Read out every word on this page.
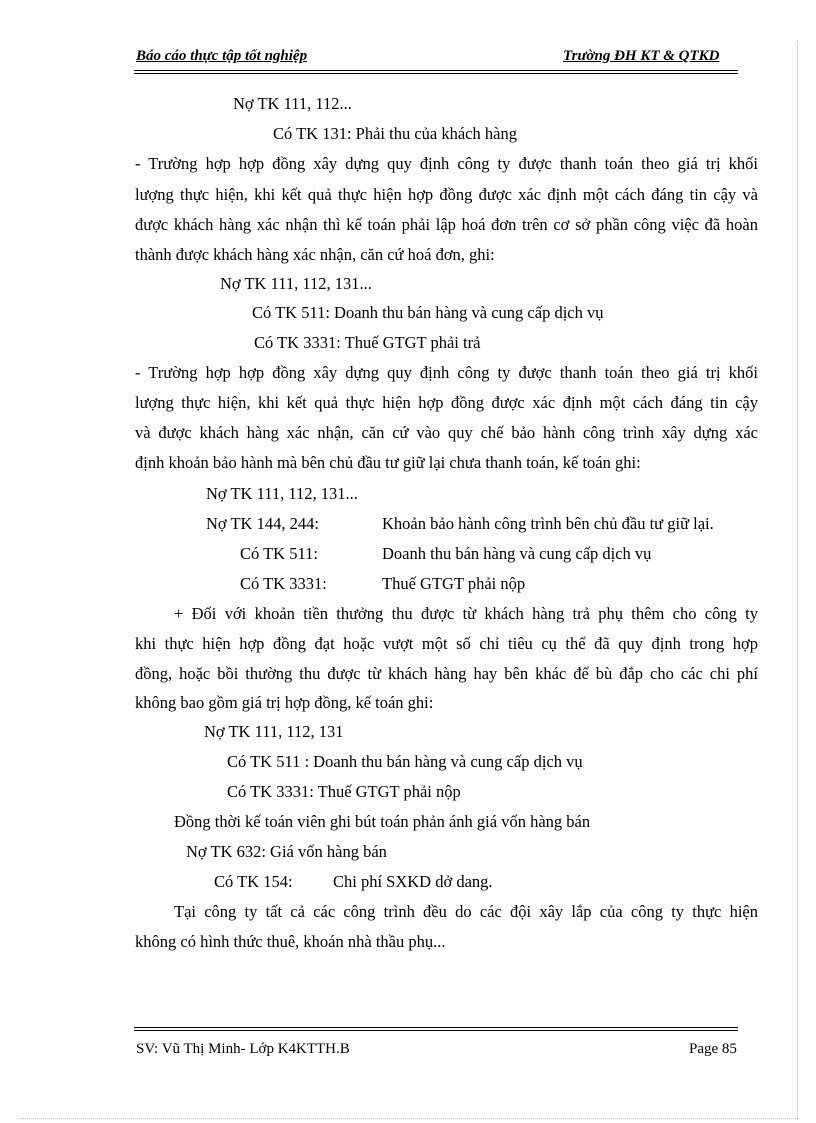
Báo cáo thực tập tốt nghiệp	Trường ĐH KT & QTKD
Nợ TK 111, 112...
Có TK 131: Phải thu của khách hàng
- Trường hợp hợp đồng xây dựng quy định công ty được thanh toán theo giá trị khối
lượng thực hiện, khi kết quả thực hiện hợp đồng được xác định một cách đáng tin cậy và
được khách hàng xác nhận thì kế toán phải lập hoá đơn trên cơ sở phần công việc đã hoàn
thành được khách hàng xác nhận, căn cứ hoá đơn, ghi:
Nợ TK 111, 112, 131...
Có TK 511: Doanh thu bán hàng và cung cấp dịch vụ
Có TK 3331: Thuế GTGT phải trả
- Trường hợp hợp đồng xây dựng quy định công ty được thanh toán theo giá trị khối
lượng thực hiện, khi kết quả thực hiện hợp đồng được xác định một cách đáng tin cậy
và được khách hàng xác nhận, căn cứ vào quy chế bảo hành công trình xây dựng xác
định khoản bảo hành mà bên chủ đầu tư giữ lại chưa thanh toán, kế toán ghi:
Nợ TK 111, 112, 131...
Nợ TK 144, 244:	Khoản bảo hành công trình bên chủ đầu tư giữ lại.
Có TK 511:	Doanh thu bán hàng và cung cấp dịch vụ
Có TK 3331:	Thuế GTGT phải nộp
+ Đối với khoản tiền thưởng thu được từ khách hàng trả phụ thêm cho công ty
khi thực hiện hợp đồng đạt hoặc vượt một số chỉ tiêu cụ thể đã quy định trong hợp
đồng, hoặc bồi thường thu được từ khách hàng hay bên khác để bù đắp cho các chi phí
không bao gồm giá trị hợp đồng, kế toán ghi:
Nợ TK 111, 112, 131
Có TK 511 : Doanh thu bán hàng và cung cấp dịch vụ
Có TK 3331: Thuế GTGT phải nộp
Đồng thời kế toán viên ghi bút toán phản ánh giá vốn hàng bán
Nợ TK 632: Giá vốn hàng bán
Có TK 154: Chi phí SXKD dở dang.
Tại công ty tất cả các công trình đều do các đội xây lắp của công ty thực hiện
không có hình thức thuê, khoán nhà thầu phụ...
SV: Vũ Thị Minh- Lớp K4KTTH.B	Page 85
